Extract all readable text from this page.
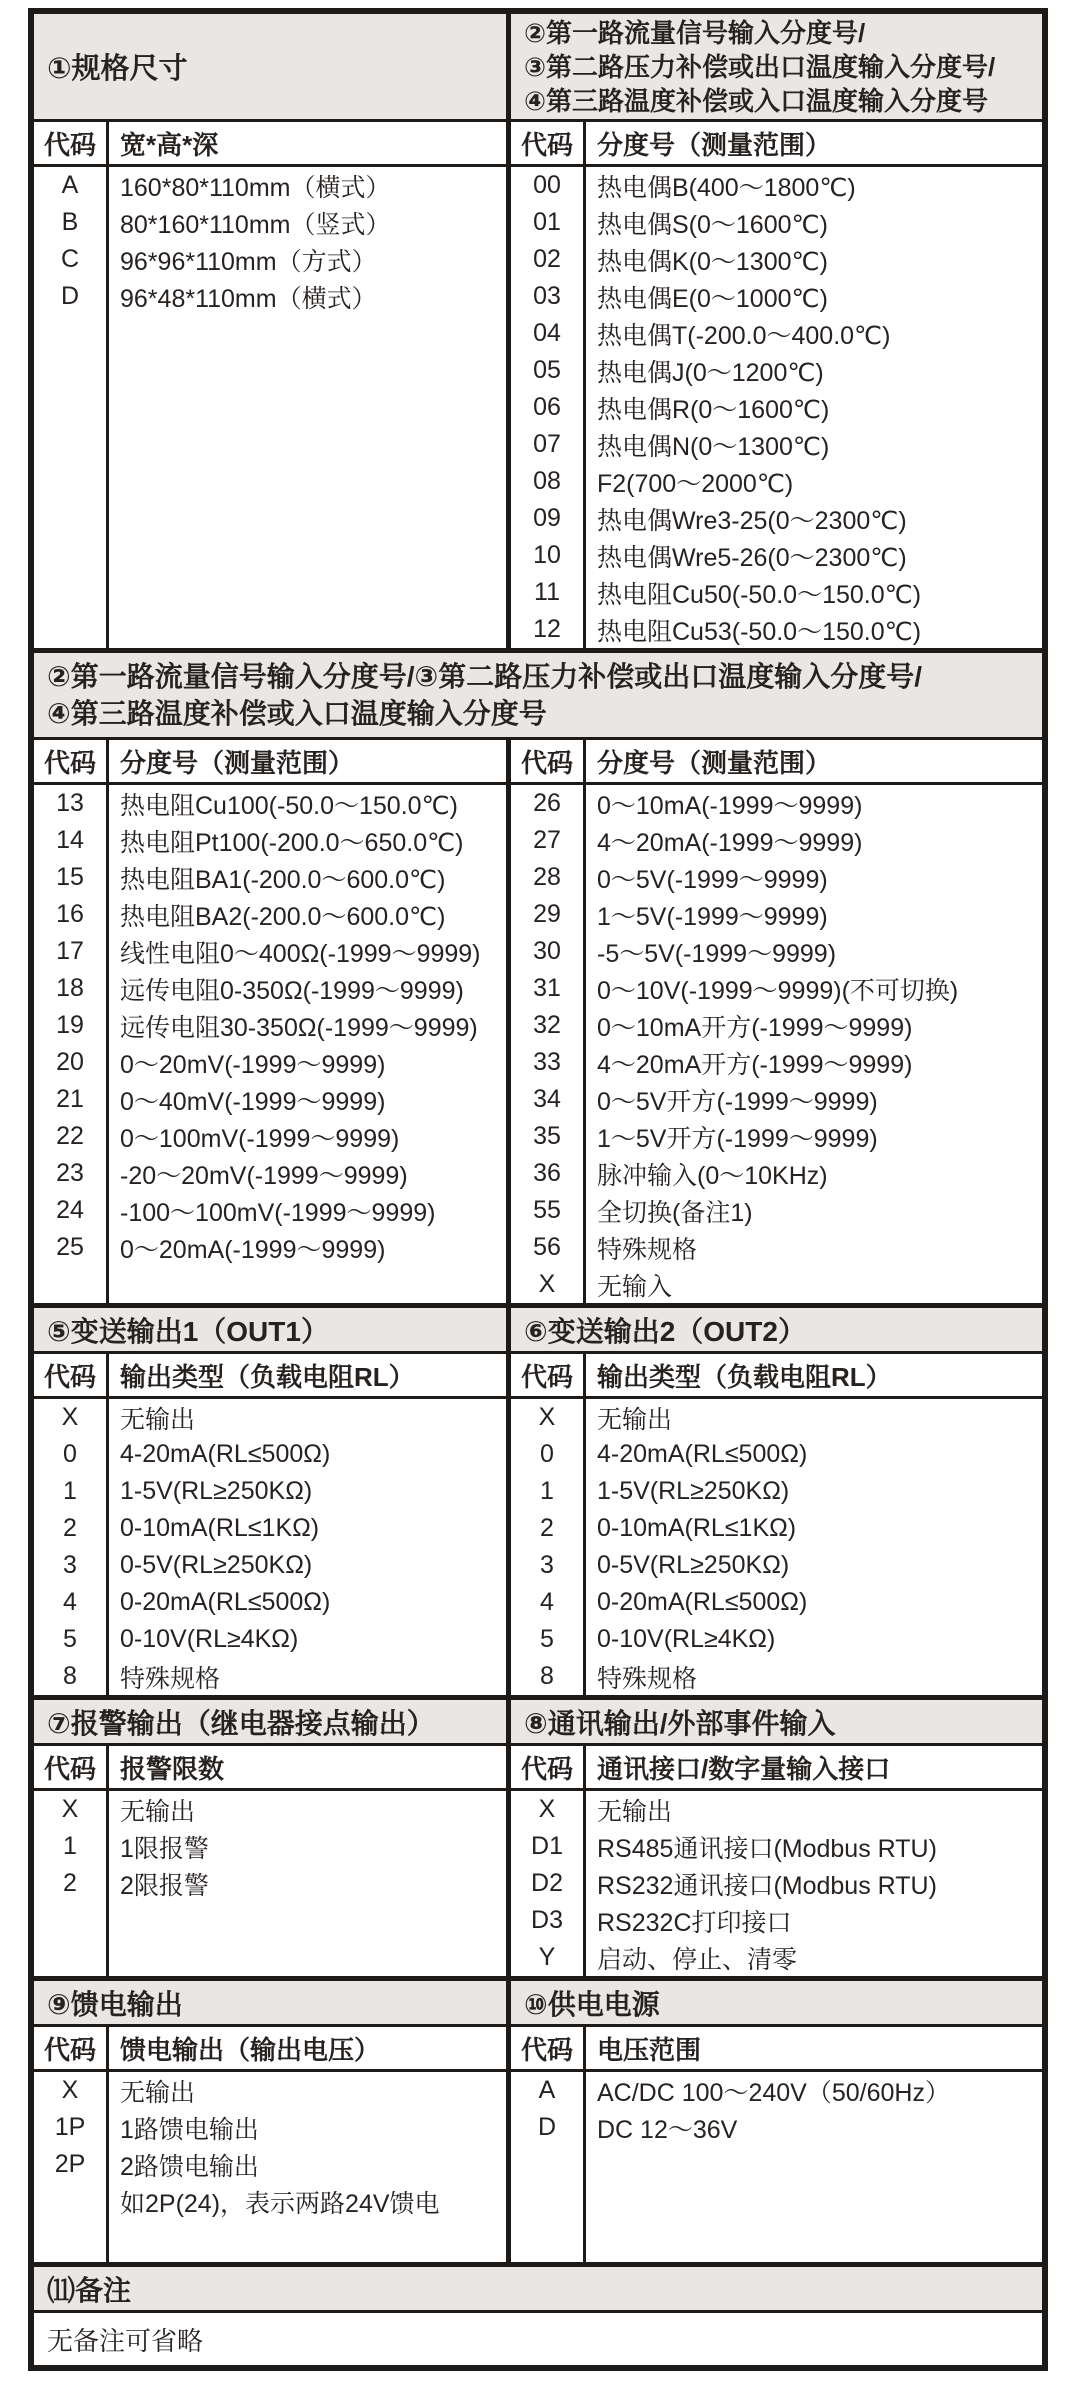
①规格尺寸
代码 宽*高*深
A
B
C
D
160*80*110mm（横式）
80*160*110mm（竖式）
96*96*110mm（方式）
96*48*110mm（横式）
②第一路流量信号输入分度号/
③第二路压力补偿或出口温度输入分度号/
④第三路温度补偿或入口温度输入分度号
代码 分度号（测量范围）
00
01
02
03
04
05
06
07
08
09
10
11
12
热电偶B(400～1800℃)
热电偶S(0～1600℃)
热电偶K(0～1300℃)
热电偶E(0～1000℃)
热电偶T(-200.0～400.0℃)
热电偶J(0～1200℃)
热电偶R(0～1600℃)
热电偶N(0～1300℃)
F2(700～2000℃)
热电偶Wre3-25(0～2300℃)
热电偶Wre5-26(0～2300℃)
热电阻Cu50(-50.0～150.0℃)
热电阻Cu53(-50.0～150.0℃)
②第一路流量信号输入分度号/③第二路压力补偿或出口温度输入分度号/
④第三路温度补偿或入口温度输入分度号
代码 分度号（测量范围）
13
14
15
16
17
18
19
20
21
22
23
24
25
热电阻Cu100(-50.0～150.0℃)
热电阻Pt100(-200.0～650.0℃)
热电阻BA1(-200.0～600.0℃)
热电阻BA2(-200.0～600.0℃)
线性电阻0～400Ω(-1999～9999)
远传电阻0-350Ω(-1999～9999)
远传电阻30-350Ω(-1999～9999)
0～20mV(-1999～9999)
0～40mV(-1999～9999)
0～100mV(-1999～9999)
-20～20mV(-1999～9999)
-100～100mV(-1999～9999)
0～20mA(-1999～9999)
代码 分度号（测量范围）
26
27
28
29
30
31
32
33
34
35
36
55
56
X
0～10mA(-1999～9999)
4～20mA(-1999～9999)
0～5V(-1999～9999)
1～5V(-1999～9999)
-5～5V(-1999～9999)
0～10V(-1999～9999)(不可切换)
0～10mA开方(-1999～9999)
4～20mA开方(-1999～9999)
0～5V开方(-1999～9999)
1～5V开方(-1999～9999)
脉冲输入(0～10KHz)
全切换(备注1)
特殊规格
无输入
⑤变送输出1（OUT1）
代码 输出类型（负载电阻RL）
X
0
1
2
3
4
5
8
无输出
4-20mA(RL≤500Ω)
1-5V(RL≥250KΩ)
0-10mA(RL≤1KΩ)
0-5V(RL≥250KΩ)
0-20mA(RL≤500Ω)
0-10V(RL≥4KΩ)
特殊规格
⑥变送输出2（OUT2）
代码 输出类型（负载电阻RL）
X
0
1
2
3
4
5
8
无输出
4-20mA(RL≤500Ω)
1-5V(RL≥250KΩ)
0-10mA(RL≤1KΩ)
0-5V(RL≥250KΩ)
0-20mA(RL≤500Ω)
0-10V(RL≥4KΩ)
特殊规格
⑦报警输出（继电器接点输出）
代码 报警限数
X
1
2
无输出
1限报警
2限报警
⑧通讯输出/外部事件输入
代码 通讯接口/数字量输入接口
X
D1
D2
D3
Y
无输出
RS485通讯接口(Modbus RTU)
RS232通讯接口(Modbus RTU)
RS232C打印接口
启动、停止、清零
⑨馈电输出
代码 馈电输出（输出电压）
X
1P
2P
无输出
1路馈电输出
2路馈电输出
如2P(24)，表示两路24V馈电
⑩供电电源
代码 电压范围
A
D
AC/DC 100～240V（50/60Hz）
DC 12～36V
⑾备注
无备注可省略
